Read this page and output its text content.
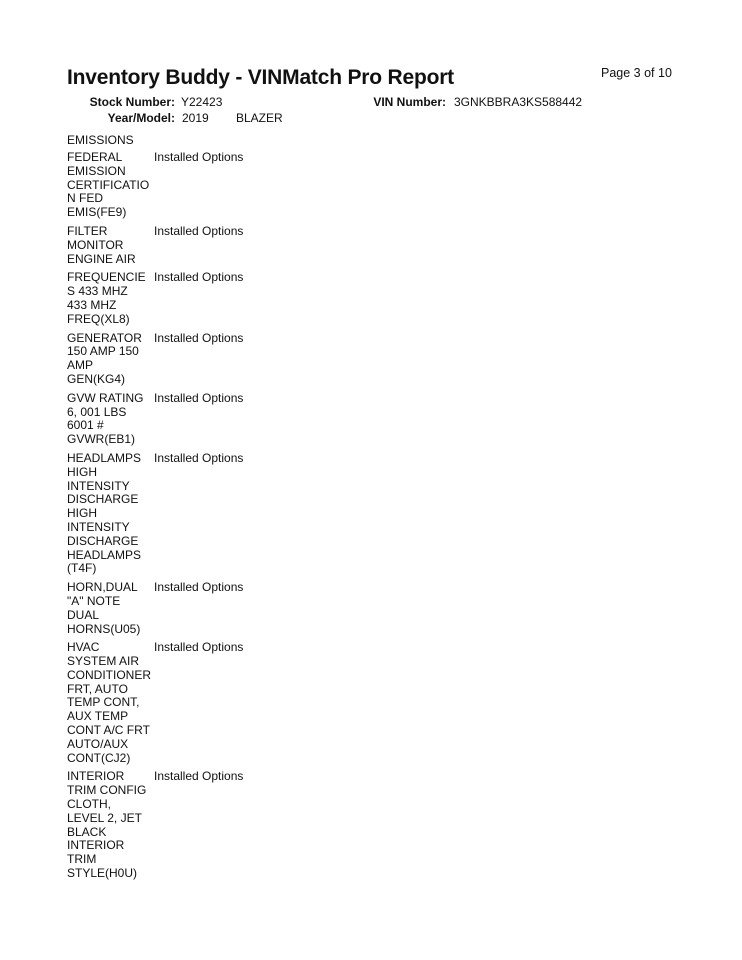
Page 3 of 10
Inventory Buddy - VINMatch Pro Report
Stock Number: Y22423	VIN Number: 3GNKBBRA3KS588442
Year/Model: 2019 BLAZER
EMISSIONS
FEDERAL
EMISSION
CERTIFICATIO
N FED
EMIS(FE9)
Installed Options
FILTER
MONITOR
ENGINE AIR
Installed Options
FREQUENCIE
S 433 MHZ
433 MHZ
FREQ(XL8)
Installed Options
GENERATOR
150 AMP 150
AMP
GEN(KG4)
Installed Options
GVW RATING
6, 001 LBS
6001 #
GVWR(EB1)
Installed Options
HEADLAMPS
HIGH
INTENSITY
DISCHARGE
HIGH
INTENSITY
DISCHARGE
HEADLAMPS
(T4F)
Installed Options
HORN,DUAL
"A" NOTE
DUAL
HORNS(U05)
Installed Options
HVAC
SYSTEM AIR
CONDITIONER
FRT, AUTO
TEMP CONT,
AUX TEMP
CONT A/C FRT
AUTO/AUX
CONT(CJ2)
Installed Options
INTERIOR
TRIM CONFIG
CLOTH,
LEVEL 2, JET
BLACK
INTERIOR
TRIM
STYLE(H0U)
Installed Options
